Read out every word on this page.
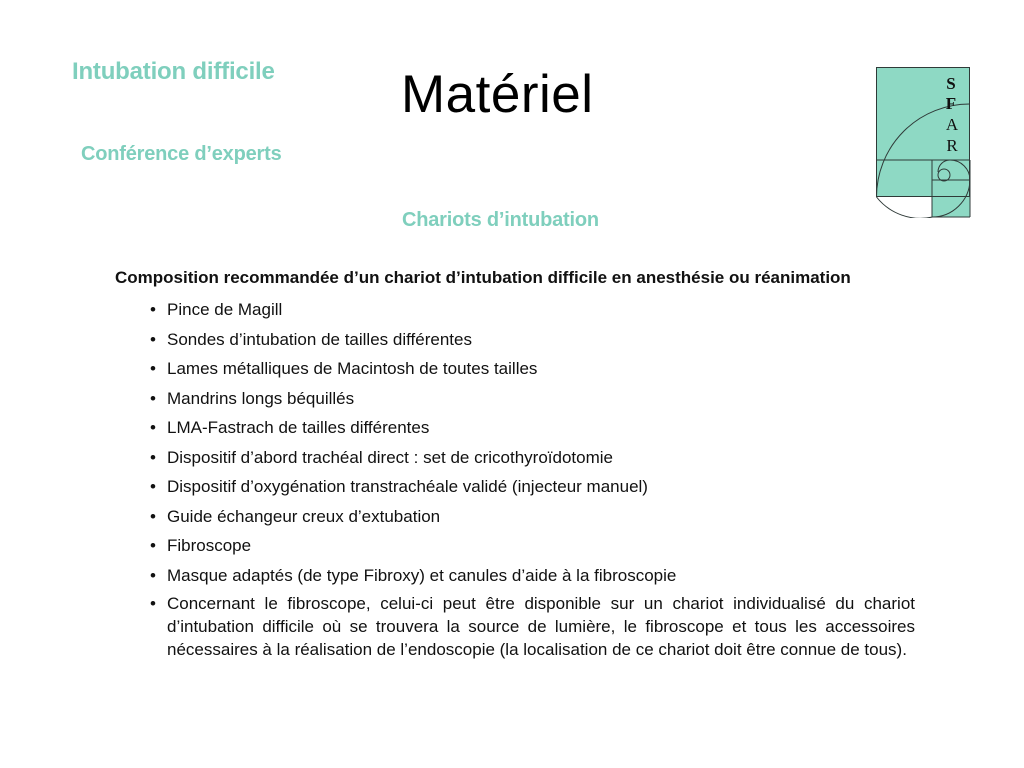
Intubation difficile
Conférence d’experts
Matériel	S
F
A
R
Chariots d’intubation
Composition recommandée d’un chariot d’intubation difficile en anesthésie ou réanimation
• Pince de Magill
• Sondes d’intubation de tailles différentes
• Lames métalliques de Macintosh de toutes tailles
• Mandrins longs béquillés
• LMA-Fastrach de tailles différentes
• Dispositif d’abord trachéal direct : set de cricothyroïdotomie
• Dispositif d’oxygénation transtrachéale validé (injecteur manuel)
• Guide échangeur creux d’extubation
• Fibroscope
• Masque adaptés (de type Fibroxy) et canules d’aide à la fibroscopie
• Concernant le fibroscope, celui-ci peut être disponible sur un chariot individualisé du chariot d’intubation difficile où se trouvera la source de lumière, le fibroscope et tous les accessoires nécessaires à la réalisation de l’endoscopie (la localisation de ce chariot doit être connue de tous).
